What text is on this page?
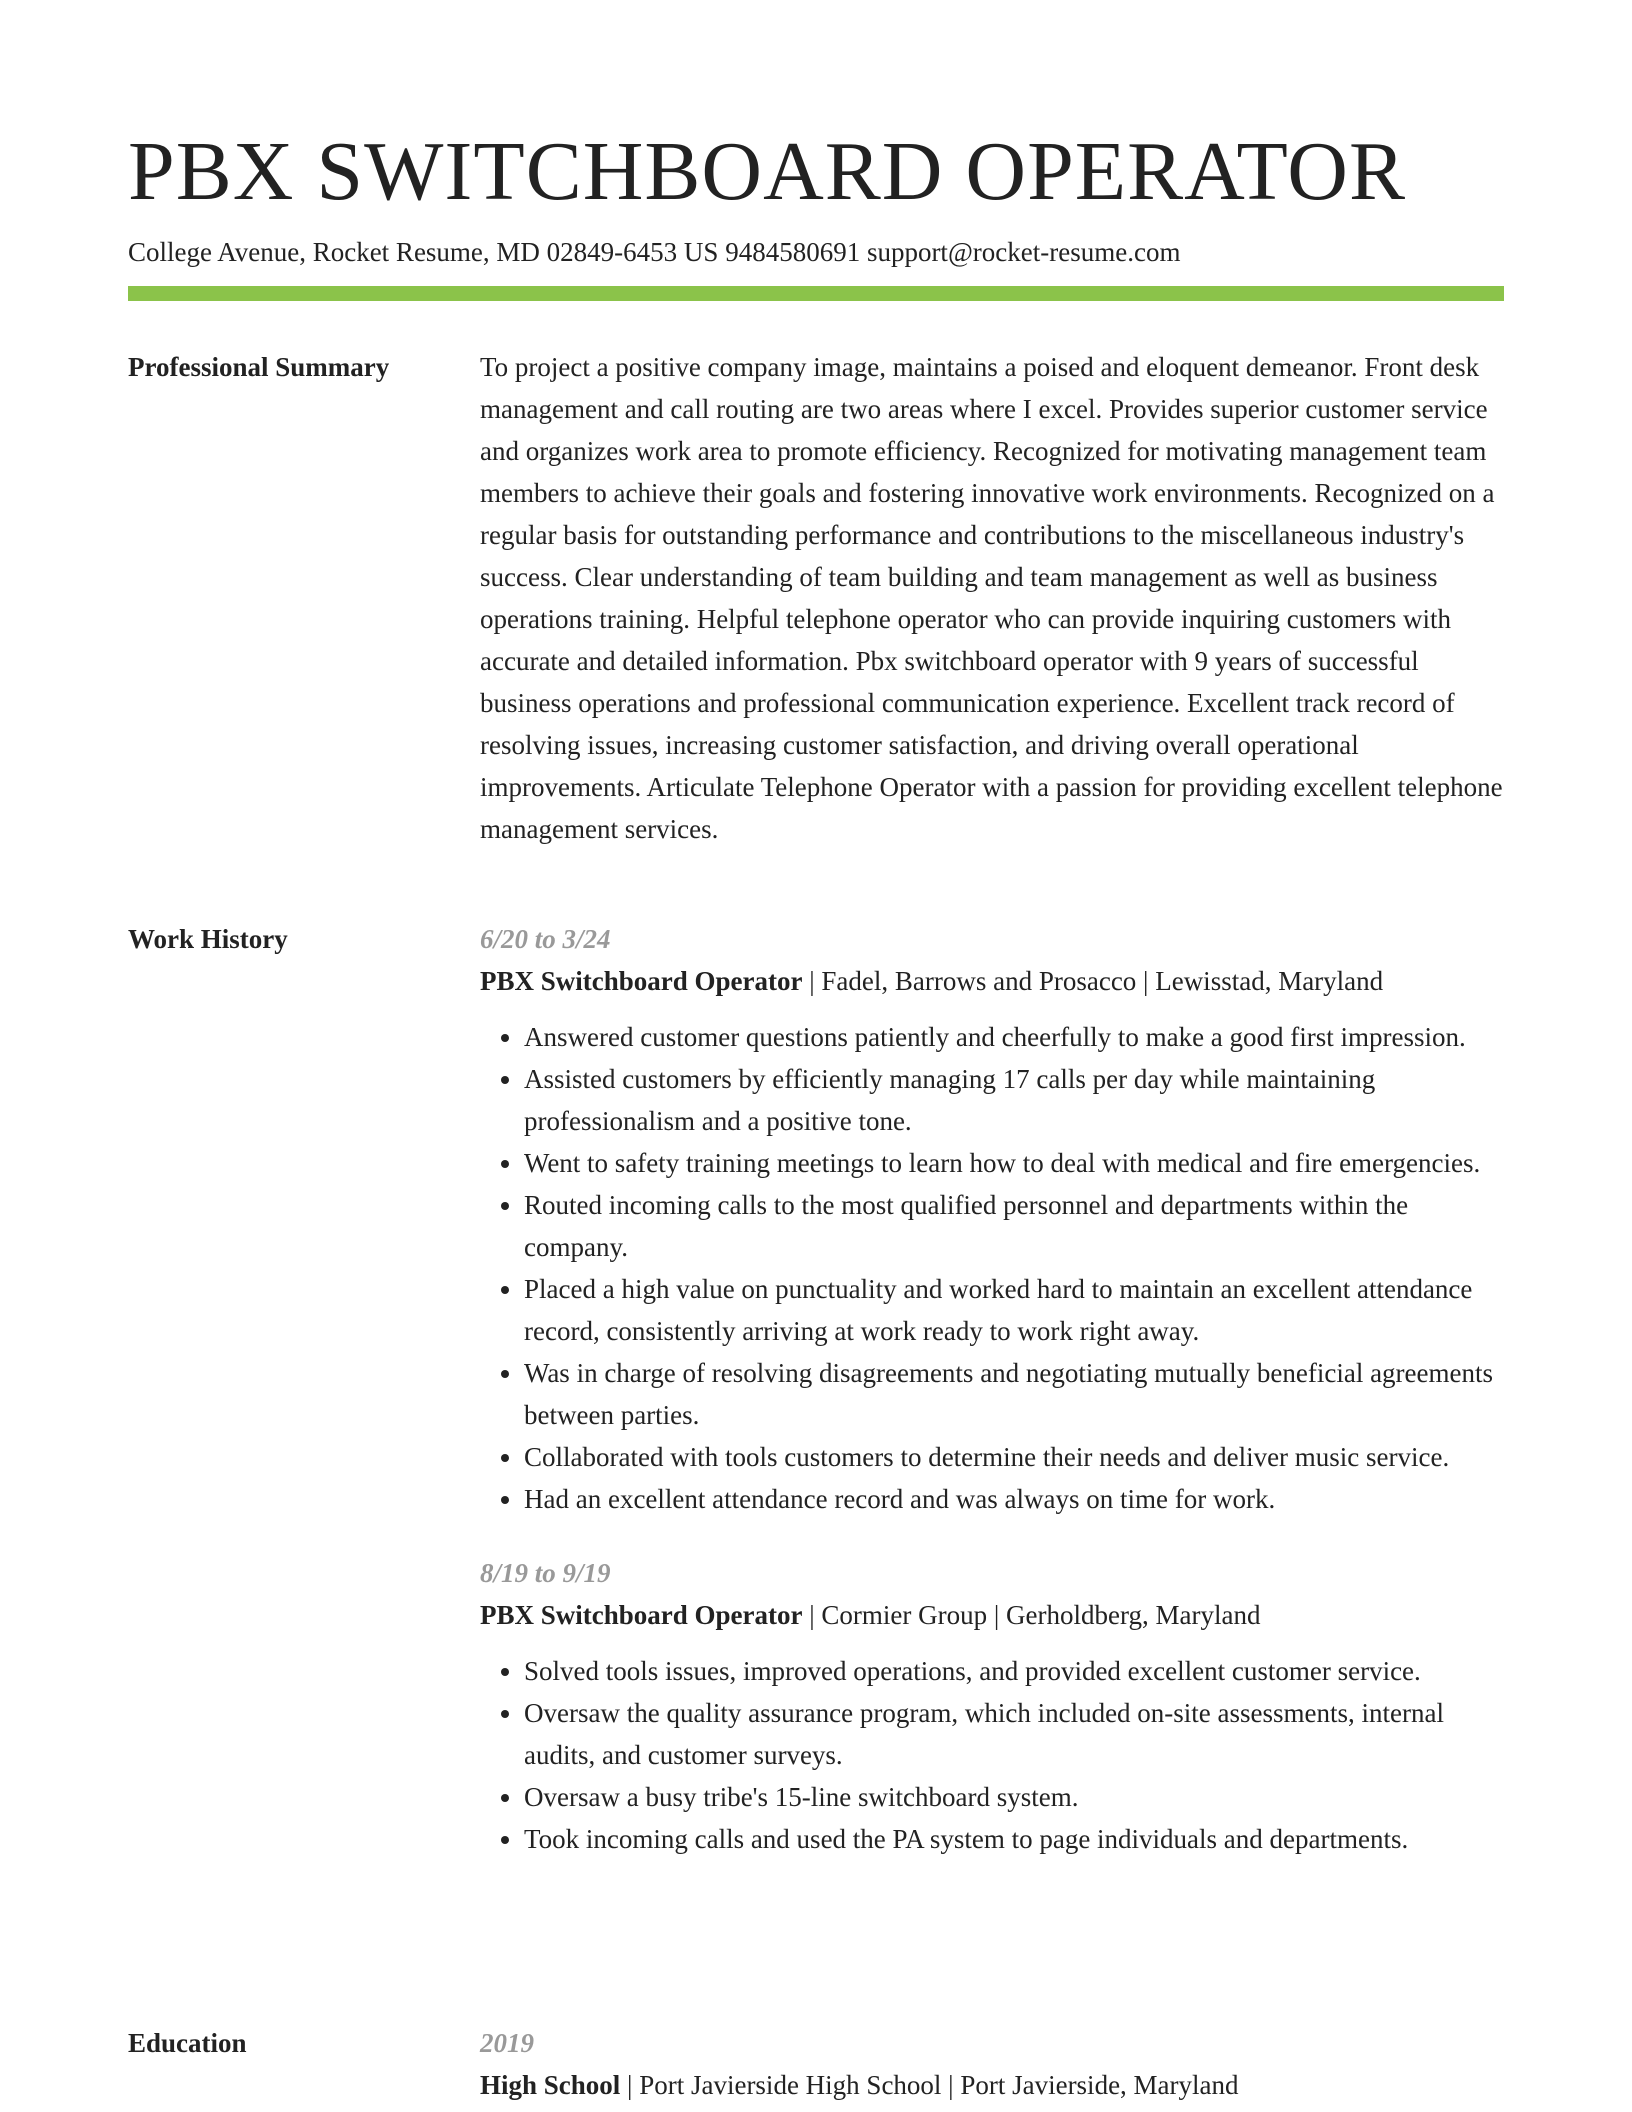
PBX SWITCHBOARD OPERATOR
College Avenue, Rocket Resume, MD 02849-6453 US 9484580691 support@rocket-resume.com
Professional Summary	To project a positive company image, maintains a poised and eloquent demeanor. Front desk management and call routing are two areas where I excel. Provides superior customer service and organizes work area to promote efficiency. Recognized for motivating management team members to achieve their goals and fostering innovative work environments. Recognized on a regular basis for outstanding performance and contributions to the miscellaneous industry's success. Clear understanding of team building and team management as well as business operations training. Helpful telephone operator who can provide inquiring customers with accurate and detailed information. Pbx switchboard operator with 9 years of successful business operations and professional communication experience. Excellent track record of resolving issues, increasing customer satisfaction, and driving overall operational improvements. Articulate Telephone Operator with a passion for providing excellent telephone management services.

Work History	6/20 to 3/24
PBX Switchboard Operator | Fadel, Barrows and Prosacco | Lewisstad, Maryland
• Answered customer questions patiently and cheerfully to make a good first impression.
• Assisted customers by efficiently managing 17 calls per day while maintaining professionalism and a positive tone.
• Went to safety training meetings to learn how to deal with medical and fire emergencies.
• Routed incoming calls to the most qualified personnel and departments within the company.
• Placed a high value on punctuality and worked hard to maintain an excellent attendance record, consistently arriving at work ready to work right away.
• Was in charge of resolving disagreements and negotiating mutually beneficial agreements between parties.
• Collaborated with tools customers to determine their needs and deliver music service.
• Had an excellent attendance record and was always on time for work.
8/19 to 9/19
PBX Switchboard Operator | Cormier Group | Gerholdberg, Maryland
• Solved tools issues, improved operations, and provided excellent customer service.
• Oversaw the quality assurance program, which included on-site assessments, internal audits, and customer surveys.
• Oversaw a busy tribe's 15-line switchboard system.
• Took incoming calls and used the PA system to page individuals and departments.
Education	2019
High School | Port Javierside High School | Port Javierside, Maryland
